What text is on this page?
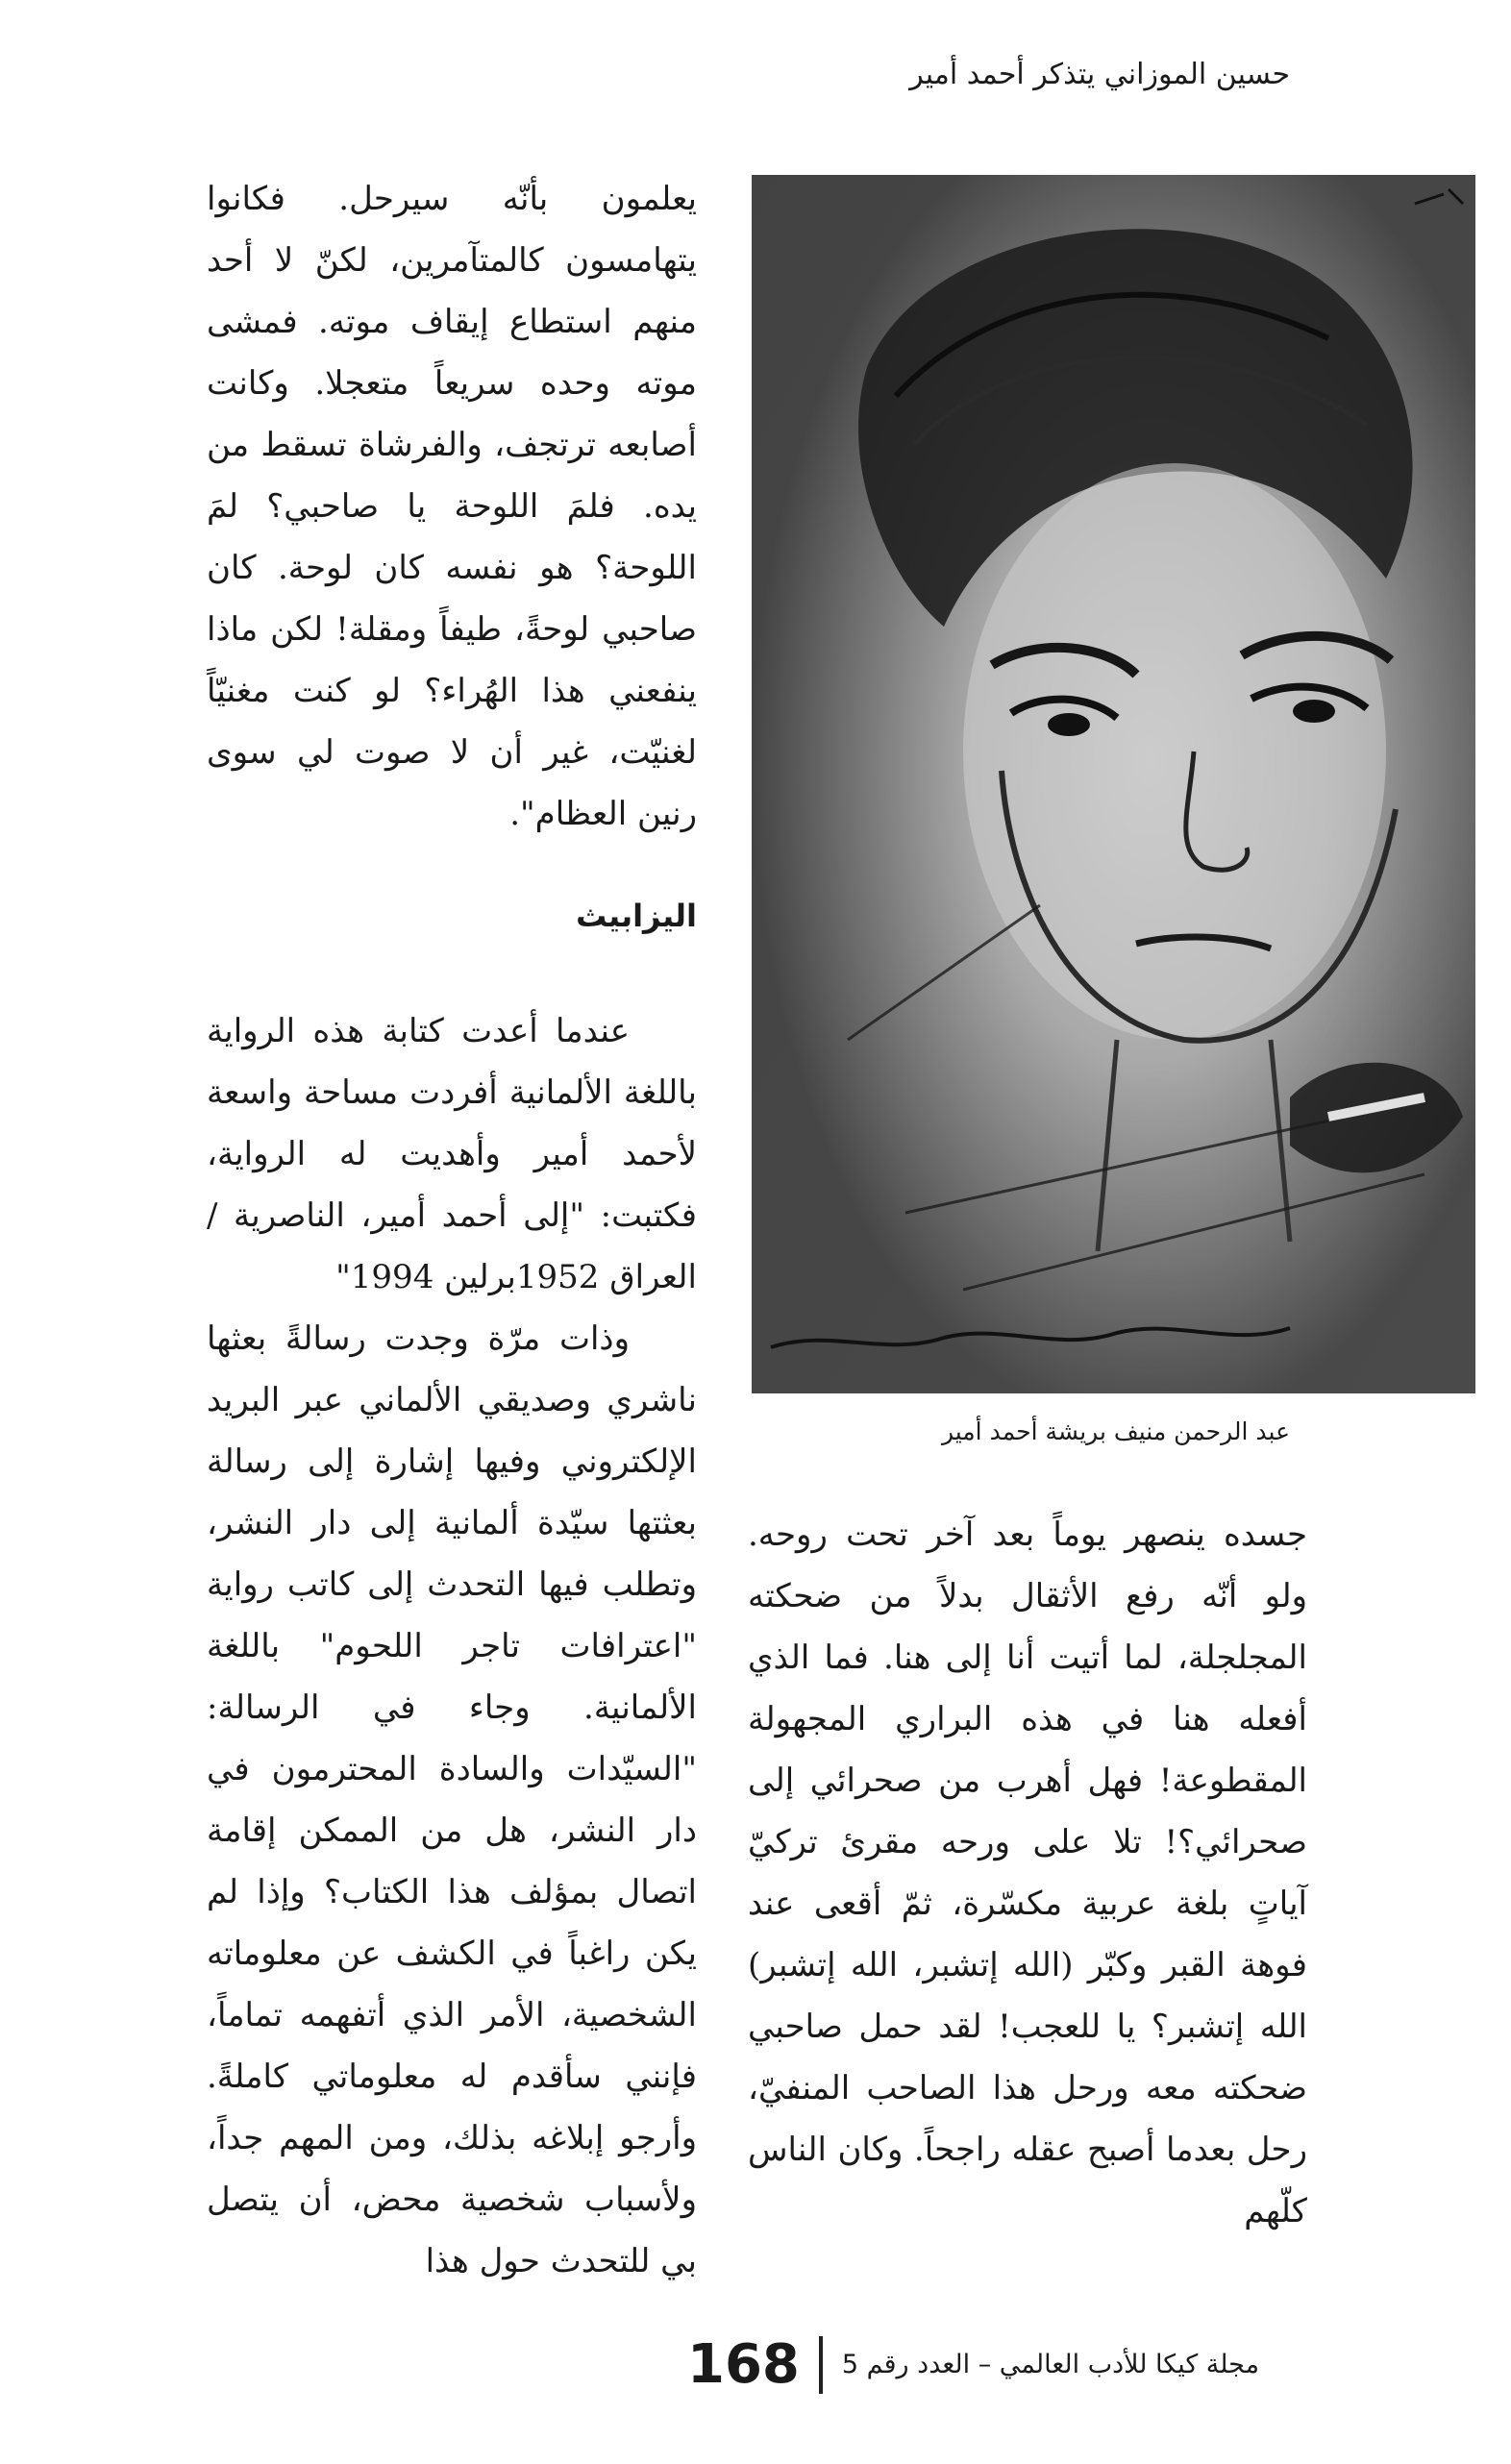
حسين الموزاني يتذكر أحمد أمير

يعلمون بأنّه سيرحل. فكانوا يتهامسون كالمتآمرين، لكنّ لا أحد منهم استطاع إيقاف موته. فمشى موته وحده سريعاً متعجلا. وكانت أصابعه ترتجف، والفرشاة تسقط من يده. فلمَ اللوحة يا صاحبي؟ لمَ اللوحة؟ هو نفسه كان لوحة. كان صاحبي لوحةً، طيفاً ومقلة! لكن ماذا ينفعني هذا الهُراء؟ لو كنت مغنيّاً لغنيّت، غير أن لا صوت لي سوى رنين العظام".

اليزابيث

عندما أعدت كتابة هذه الرواية باللغة الألمانية أفردت مساحة واسعة لأحمد أمير وأهديت له الرواية، فكتبت: "إلى أحمد أمير، الناصرية / العراق 1952برلين 1994"

وذات مرّة وجدت رسالةً بعثها ناشري وصديقي الألماني عبر البريد الإلكتروني وفيها إشارة إلى رسالة بعثتها سيّدة ألمانية إلى دار النشر، وتطلب فيها التحدث إلى كاتب رواية "اعترافات تاجر اللحوم" باللغة الألمانية. وجاء في الرسالة: "السيّدات والسادة المحترمون في دار النشر، هل من الممكن إقامة اتصال بمؤلف هذا الكتاب؟ وإذا لم يكن راغباً في الكشف عن معلوماته الشخصية، الأمر الذي أتفهمه تماماً، فإنني سأقدم له معلوماتي كاملةً. وأرجو إبلاغه بذلك، ومن المهم جداً، ولأسباب شخصية محض، أن يتصل بي للتحدث حول هذا

عبد الرحمن منيف بريشة أحمد أمير

جسده ينصهر يوماً بعد آخر تحت روحه. ولو أنّه رفع الأثقال بدلاً من ضحكته المجلجلة، لما أتيت أنا إلى هنا. فما الذي أفعله هنا في هذه البراري المجهولة المقطوعة! فهل أهرب من صحرائي إلى صحرائي؟! تلا على ورحه مقرئ تركيّ آياتٍ بلغة عربية مكسّرة، ثمّ أقعى عند فوهة القبر وكبّر (الله إتشبر، الله إتشبر) الله إتشبر؟ يا للعجب! لقد حمل صاحبي ضحكته معه ورحل هذا الصاحب المنفيّ، رحل بعدما أصبح عقله راجحاً. وكان الناس كلّهم

مجلة كيكا للأدب العالمي – العدد رقم 5
168
